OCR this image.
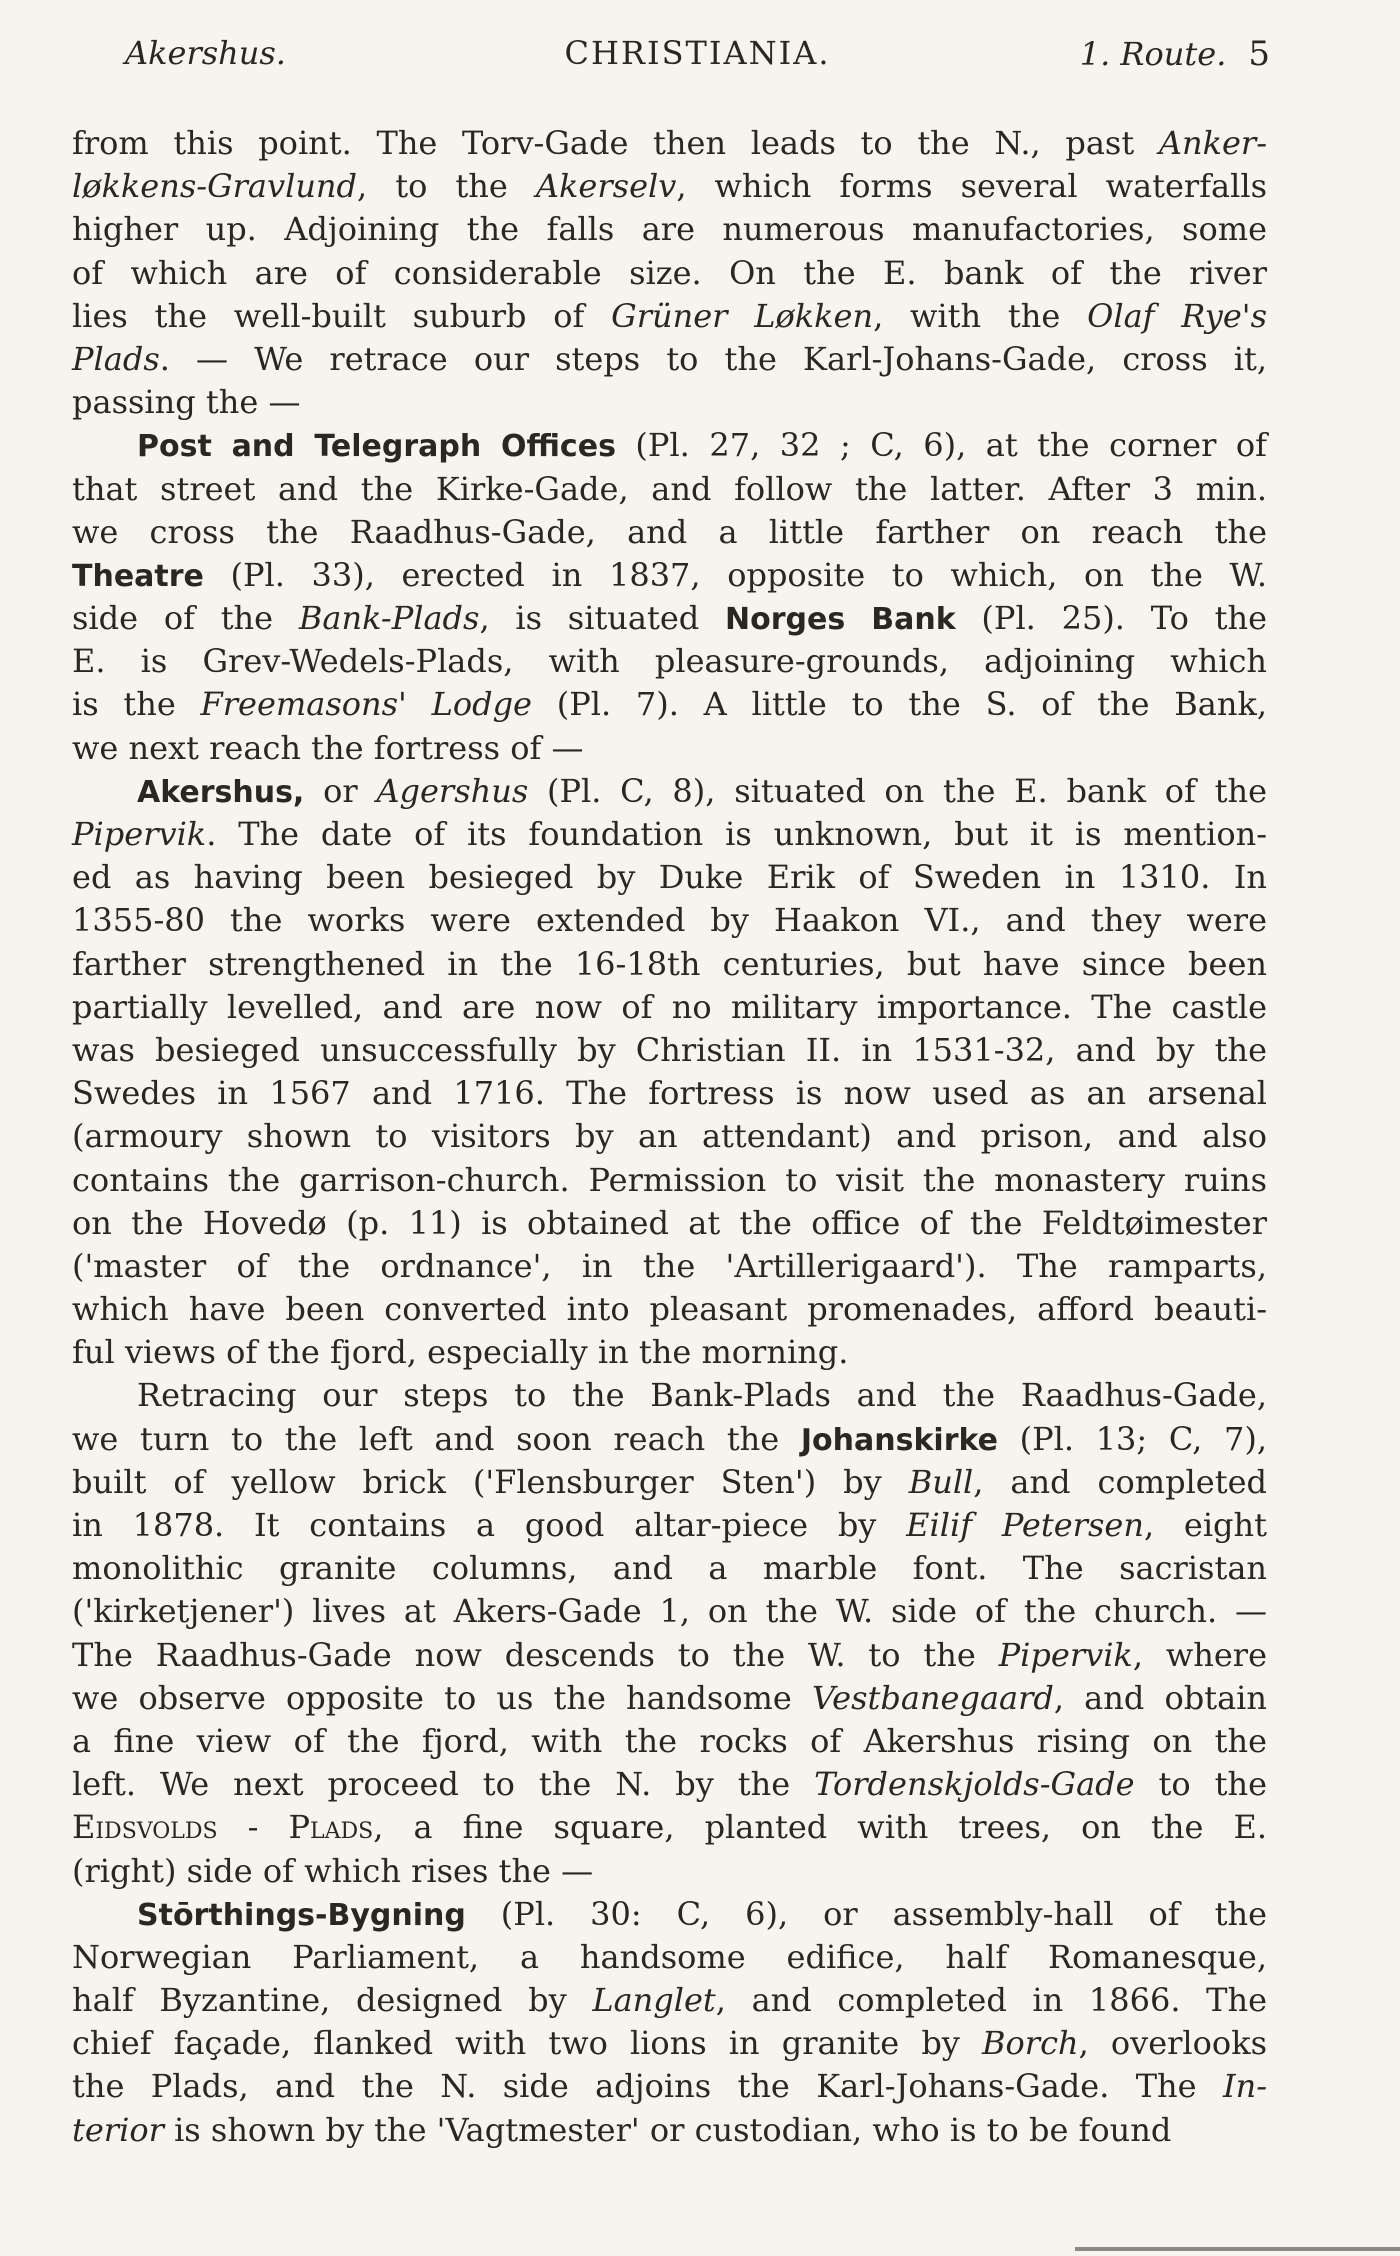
Akershus.	CHRISTIANIA.	1. Route. 5
from this point. The Torv-Gade then leads to the N., past Anker-
løkkens-Gravlund, to the Akerselv, which forms several waterfalls
higher up. Adjoining the falls are numerous manufactories, some
of which are of considerable size. On the E. bank of the river
lies the well-built suburb of Grüner Løkken, with the Olaf Rye's
Plads. — We retrace our steps to the Karl-Johans-Gade, cross it,
passing the —
Post and Telegraph Offices (Pl. 27, 32 ; C, 6), at the corner of
that street and the Kirke-Gade, and follow the latter. After 3 min.
we cross the Raadhus-Gade, and a little farther on reach the
Theatre (Pl. 33), erected in 1837, opposite to which, on the W.
side of the Bank-Plads, is situated Norges Bank (Pl. 25). To the
E. is Grev-Wedels-Plads, with pleasure-grounds, adjoining which
is the Freemasons' Lodge (Pl. 7). A little to the S. of the Bank,
we next reach the fortress of —
Akershus, or Agershus (Pl. C, 8), situated on the E. bank of the
Pipervik. The date of its foundation is unknown, but it is mention-
ed as having been besieged by Duke Erik of Sweden in 1310. In
1355-80 the works were extended by Haakon VI., and they were
farther strengthened in the 16-18th centuries, but have since been
partially levelled, and are now of no military importance. The castle
was besieged unsuccessfully by Christian II. in 1531-32, and by the
Swedes in 1567 and 1716. The fortress is now used as an arsenal
(armoury shown to visitors by an attendant) and prison, and also
contains the garrison-church. Permission to visit the monastery ruins
on the Hovedø (p. 11) is obtained at the office of the Feldtøimester
('master of the ordnance', in the 'Artillerigaard'). The ramparts,
which have been converted into pleasant promenades, afford beauti-
ful views of the fjord, especially in the morning.
Retracing our steps to the Bank-Plads and the Raadhus-Gade,
we turn to the left and soon reach the Johanskirke (Pl. 13; C, 7),
built of yellow brick ('Flensburger Sten') by Bull, and completed
in 1878. It contains a good altar-piece by Eilif Petersen, eight
monolithic granite columns, and a marble font. The sacristan
('kirketjener') lives at Akers-Gade 1, on the W. side of the church. —
The Raadhus-Gade now descends to the W. to the Pipervik, where
we observe opposite to us the handsome Vestbanegaard, and obtain
a fine view of the fjord, with the rocks of Akershus rising on the
left. We next proceed to the N. by the Tordenskjolds-Gade to the
Eidsvolds - Plads, a fine square, planted with trees, on the E.
(right) side of which rises the —
Stōrthings-Bygning (Pl. 30: C, 6), or assembly-hall of the
Norwegian Parliament, a handsome edifice, half Romanesque,
half Byzantine, designed by Langlet, and completed in 1866. The
chief façade, flanked with two lions in granite by Borch, overlooks
the Plads, and the N. side adjoins the Karl-Johans-Gade. The In-
terior is shown by the 'Vagtmester' or custodian, who is to be found
